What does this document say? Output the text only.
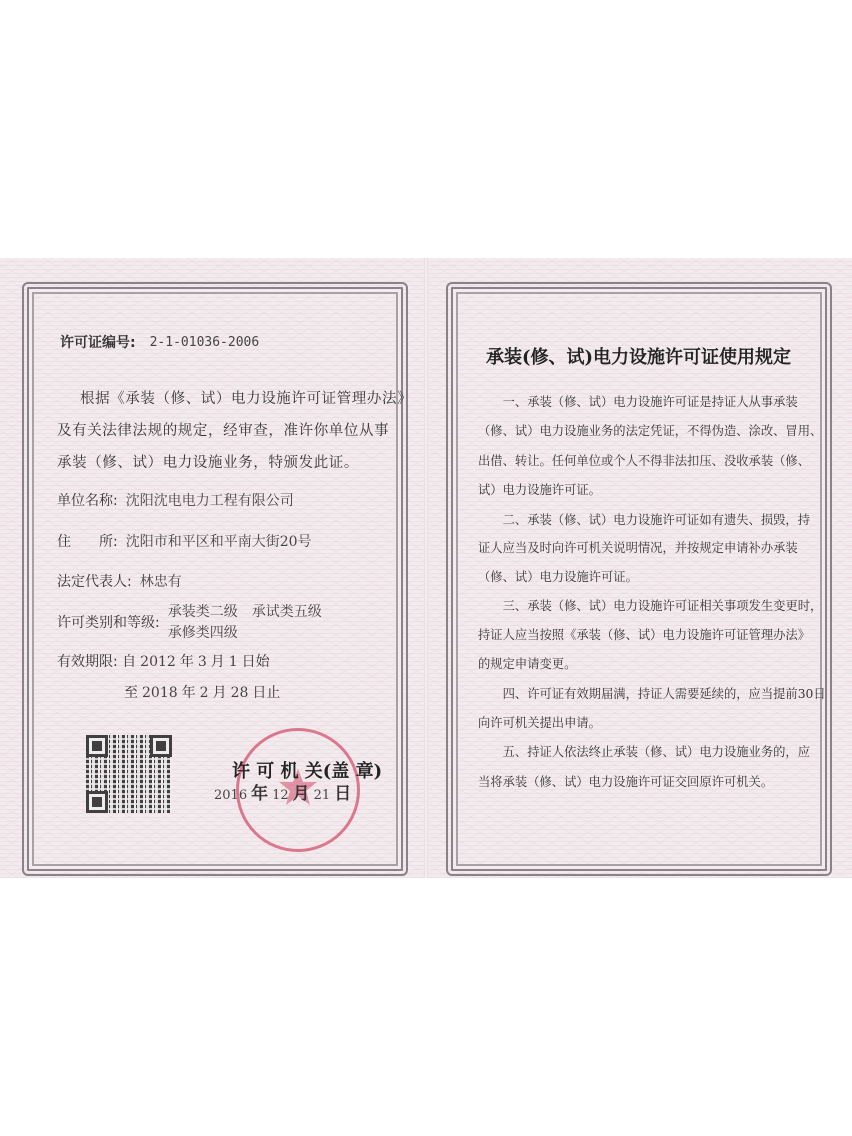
许可证编号: 2-1-01036-2006
根据《承装（修、试）电力设施许可证管理办法》
及有关法律法规的规定，经审查，准许你单位从事
承装（修、试）电力设施业务，特颁发此证。
单位名称: 沈阳沈电电力工程有限公司
住　　所: 沈阳市和平区和平南大街20号
法定代表人: 林忠有
许可类别和等级:
承装类二级 承试类五级
承修类四级
有效期限: 自 2012 年 3 月 1 日始
至 2018 年 2 月 28 日止
许 可 机 关(盖 章)
2016 年 12 月 21 日
承装(修、试)电力设施许可证使用规定
　　一、承装（修、试）电力设施许可证是持证人从事承装
（修、试）电力设施业务的法定凭证，不得伪造、涂改、冒用、
出借、转让。任何单位或个人不得非法扣压、没收承装（修、
试）电力设施许可证。
　　二、承装（修、试）电力设施许可证如有遗失、损毁，持
证人应当及时向许可机关说明情况，并按规定申请补办承装
（修、试）电力设施许可证。
　　三、承装（修、试）电力设施许可证相关事项发生变更时，
持证人应当按照《承装（修、试）电力设施许可证管理办法》
的规定申请变更。
　　四、许可证有效期届满，持证人需要延续的，应当提前30日
向许可机关提出申请。
　　五、持证人依法终止承装（修、试）电力设施业务的，应
当将承装（修、试）电力设施许可证交回原许可机关。
